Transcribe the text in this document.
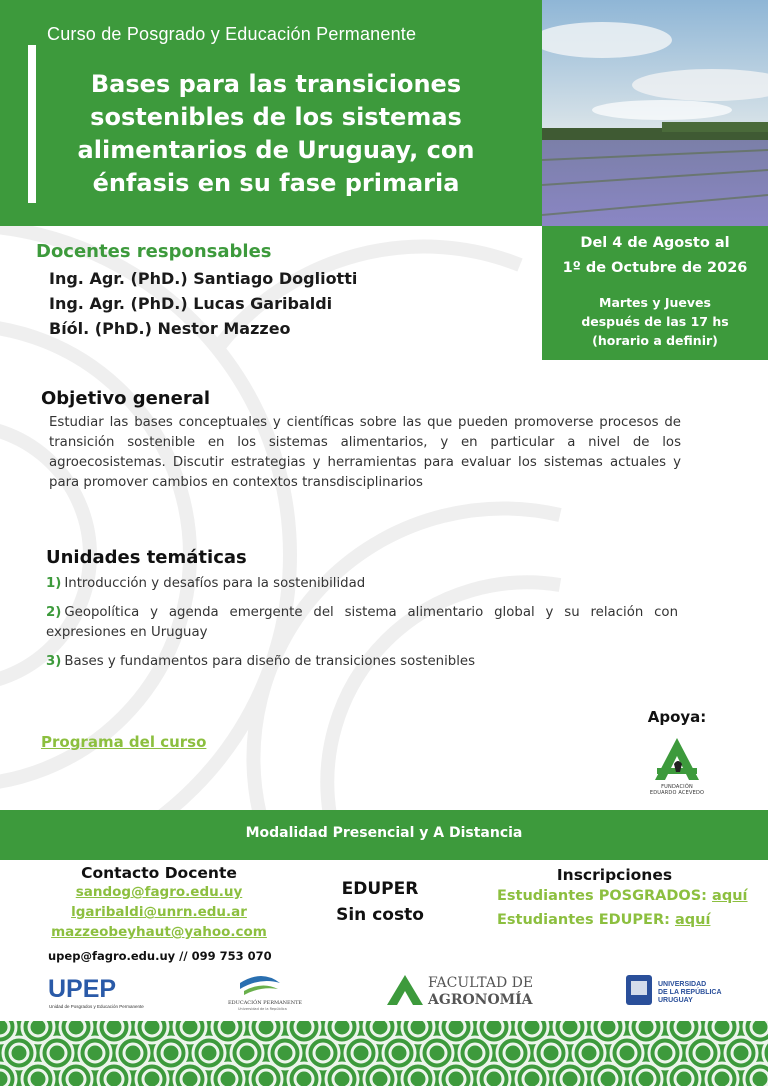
Curso de Posgrado y Educación Permanente
Bases para las transiciones sostenibles de los sistemas alimentarios de Uruguay, con énfasis en su fase primaria
Del 4 de Agosto al
1º de Octubre de 2026
Martes y Jueves
después de las 17 hs
(horario a definir)
Docentes responsables
Ing. Agr. (PhD.) Santiago Dogliotti
Ing. Agr. (PhD.) Lucas Garibaldi
Bíól. (PhD.) Nestor Mazzeo
Objetivo general

Estudiar las bases conceptuales y científicas sobre las que pueden promoverse procesos de transición sostenible en los sistemas alimentarios, y en particular a nivel de los agroecosistemas. Discutir estrategias y herramientas para evaluar los sistemas actuales y para promover cambios en contextos transdisciplinarios

Unidades temáticas
1) Introducción y desafíos para la sostenibilidad
2) Geopolítica y agenda emergente del sistema alimentario global y su relación con expresiones en Uruguay
3) Bases y fundamentos para diseño de transiciones sostenibles
Programa del curso
Apoya:
FUNDACIÓN
EDUARDO ACEVEDO
Modalidad Presencial y A Distancia
Contacto Docente
sandog@fagro.edu.uy
lgaribaldi@unrn.edu.ar
mazzeobeyhaut@yahoo.com
upep@fagro.edu.uy // 099 753 070
EDUPER
Sin costo
Inscripciones
Estudiantes POSGRADOS: aquí
Estudiantes EDUPER: aquí
UPEP
Unidad de Posgrados y Educación Permanente
EDUCACIÓN PERMANENTE
Universidad de la República
FACULTAD DE
AGRONOMÍA
UNIVERSIDAD
DE LA REPÚBLICA
URUGUAY
